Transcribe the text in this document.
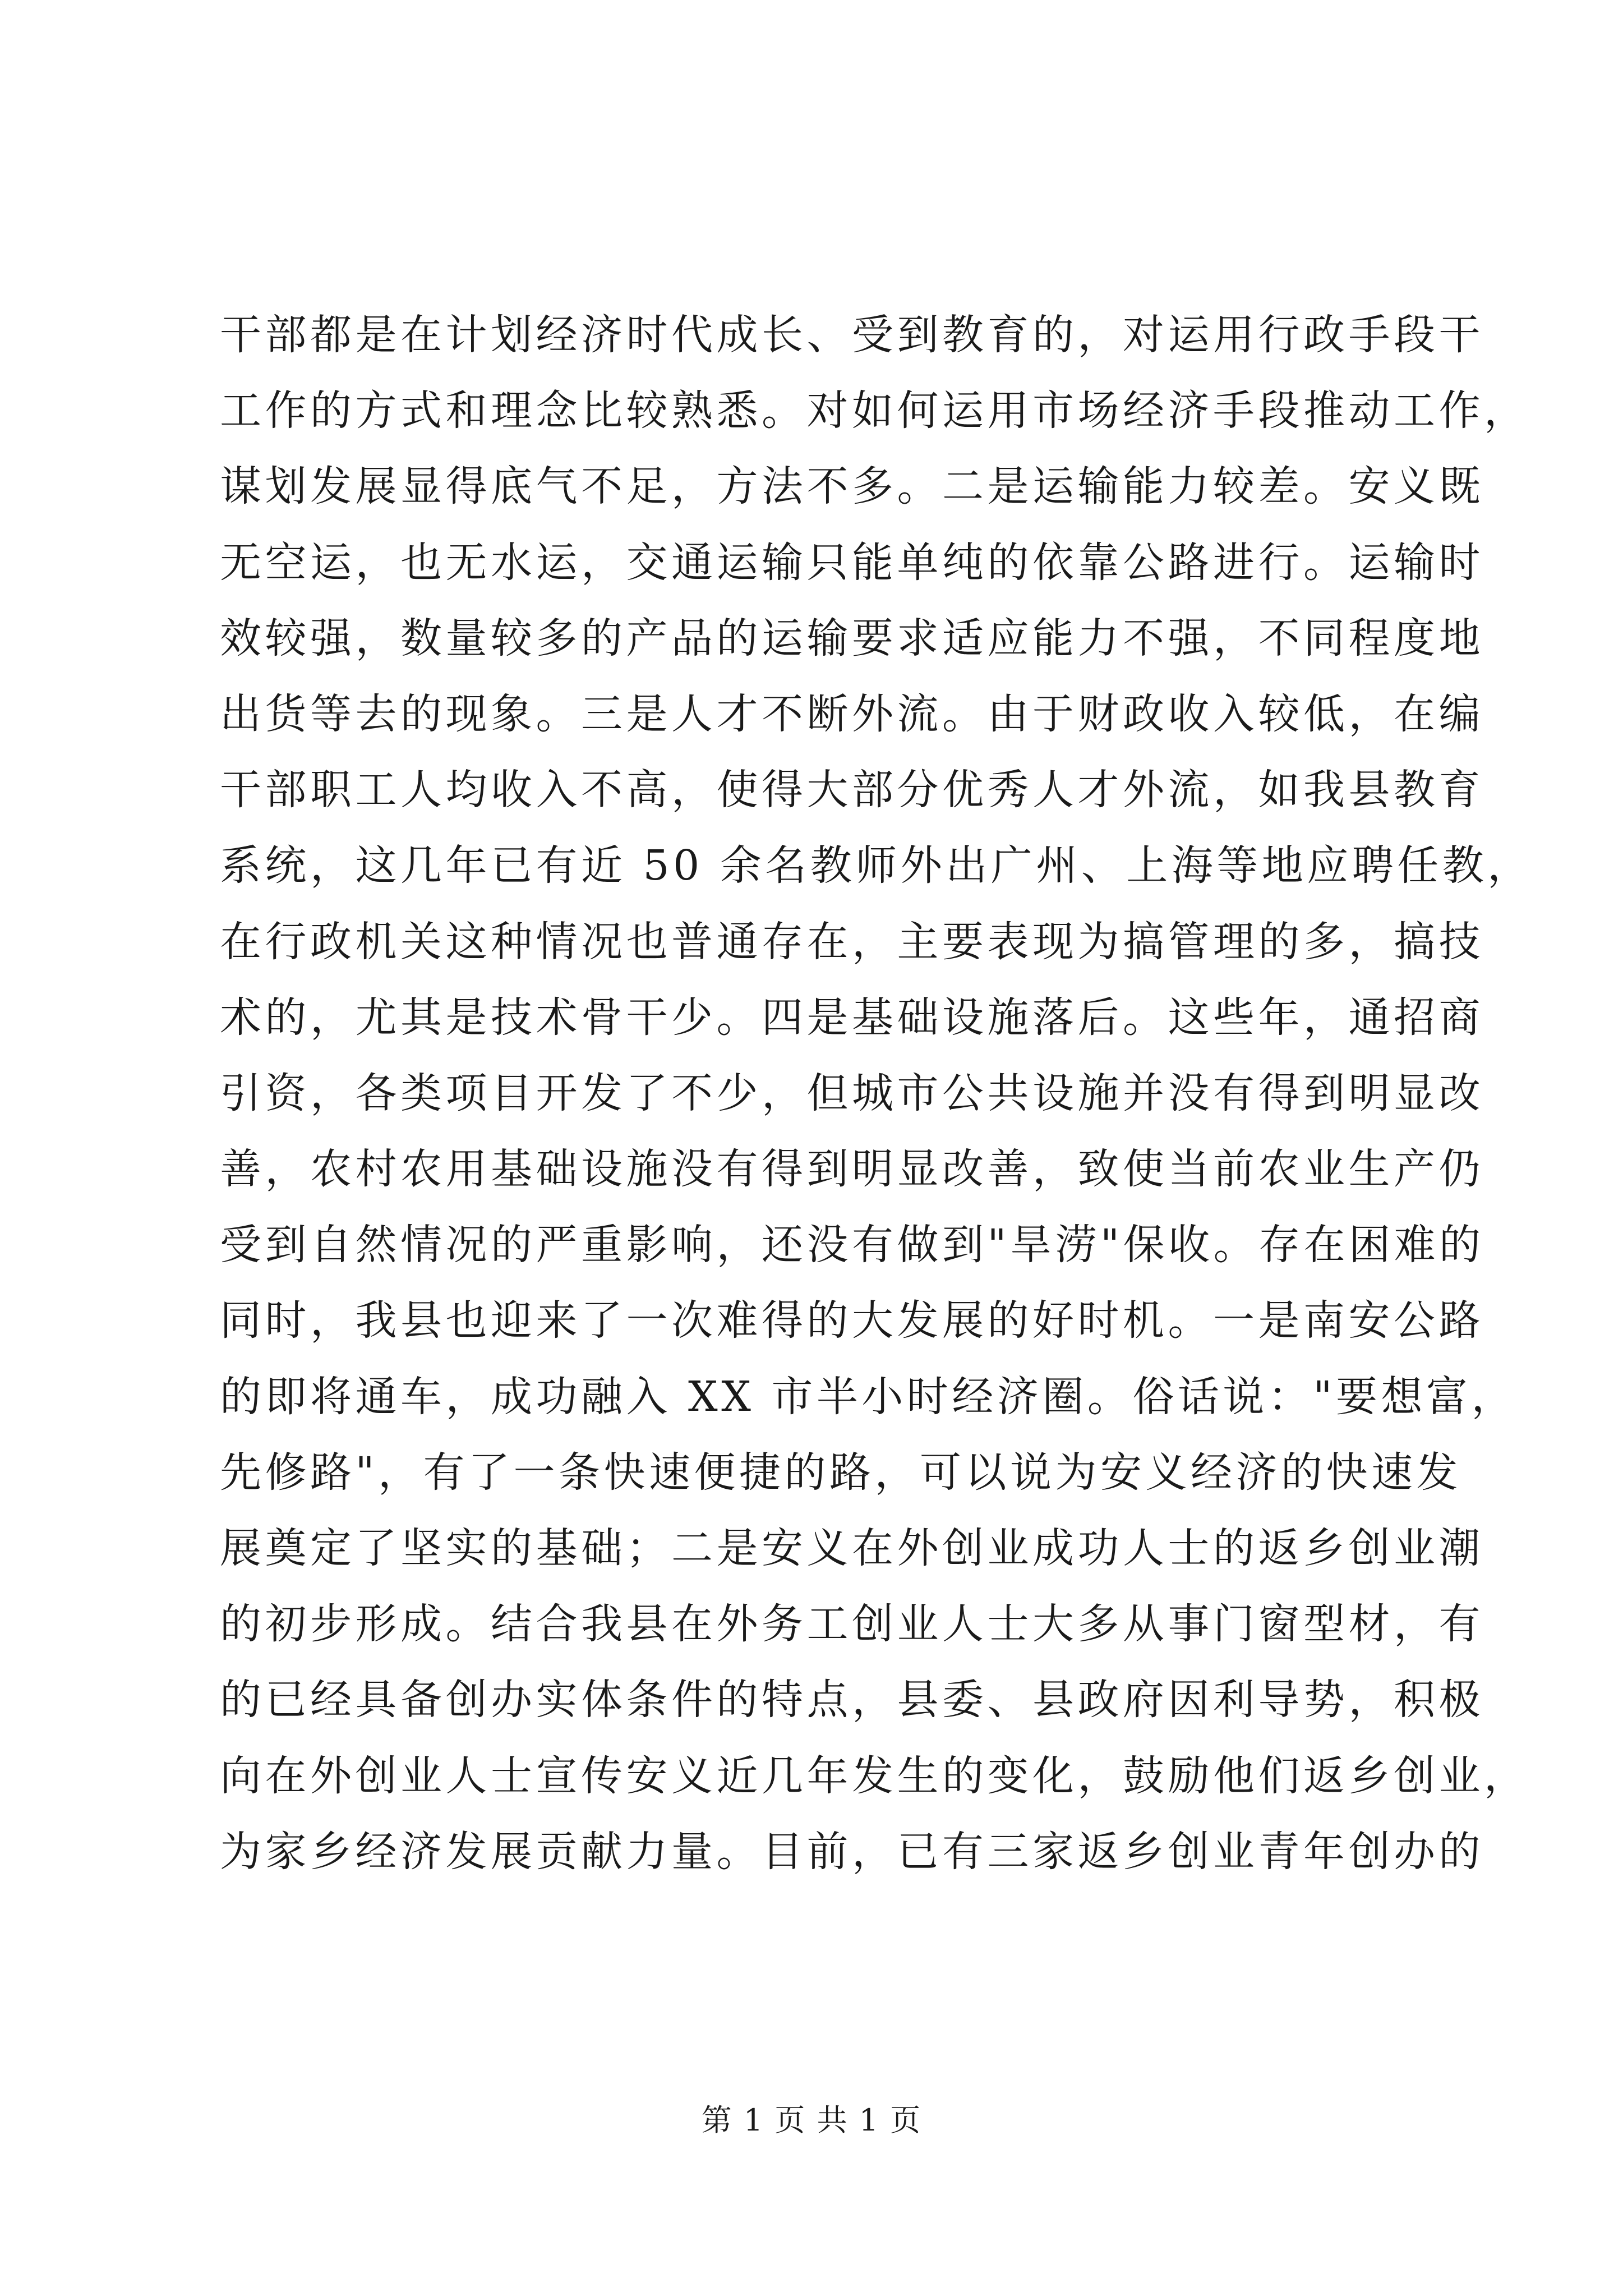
干部都是在计划经济时代成长、受到教育的，对运用行政手段干
工作的方式和理念比较熟悉。对如何运用市场经济手段推动工作，
谋划发展显得底气不足，方法不多。二是运输能力较差。安义既
无空运，也无水运，交通运输只能单纯的依靠公路进行。运输时
效较强，数量较多的产品的运输要求适应能力不强，不同程度地
出货等去的现象。三是人才不断外流。由于财政收入较低，在编
干部职工人均收入不高，使得大部分优秀人才外流，如我县教育
系统，这几年已有近 50 余名教师外出广州、上海等地应聘任教，
在行政机关这种情况也普通存在，主要表现为搞管理的多，搞技
术的，尤其是技术骨干少。四是基础设施落后。这些年，通招商
引资，各类项目开发了不少，但城市公共设施并没有得到明显改
善，农村农用基础设施没有得到明显改善，致使当前农业生产仍
受到自然情况的严重影响，还没有做到"旱涝"保收。存在困难的
同时，我县也迎来了一次难得的大发展的好时机。一是南安公路
的即将通车，成功融入 XX 市半小时经济圈。俗话说："要想富，
先修路"，有了一条快速便捷的路，可以说为安义经济的快速发
展奠定了坚实的基础；二是安义在外创业成功人士的返乡创业潮
的初步形成。结合我县在外务工创业人士大多从事门窗型材，有
的已经具备创办实体条件的特点，县委、县政府因利导势，积极
向在外创业人士宣传安义近几年发生的变化，鼓励他们返乡创业，
为家乡经济发展贡献力量。目前，已有三家返乡创业青年创办的
第 1 页 共 1 页
